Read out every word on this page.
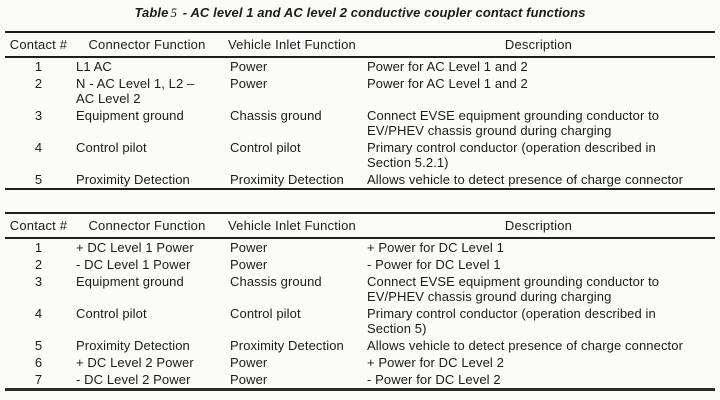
Table 5 - AC level 1 and AC level 2 conductive coupler contact functions
Contact #	Connector Function	Vehicle Inlet Function	Description
1	L1 AC	Power	Power for AC Level 1 and 2
2	N - AC Level 1, L2 –
AC Level 2	Power	Power for AC Level 1 and 2
3	Equipment ground	Chassis ground	Connect EVSE equipment grounding conductor to
EV/PHEV chassis ground during charging
4	Control pilot	Control pilot	Primary control conductor (operation described in
Section 5.2.1)
5	Proximity Detection	Proximity Detection	Allows vehicle to detect presence of charge connector
Contact #	Connector Function	Vehicle Inlet Function	Description
1	+ DC Level 1 Power	Power	+ Power for DC Level 1
2	- DC Level 1 Power	Power	- Power for DC Level 1
3	Equipment ground	Chassis ground	Connect EVSE equipment grounding conductor to
EV/PHEV chassis ground during charging
4	Control pilot	Control pilot	Primary control conductor (operation described in
Section 5)
5	Proximity Detection	Proximity Detection	Allows vehicle to detect presence of charge connector
6	+ DC Level 2 Power	Power	+ Power for DC Level 2
7	- DC Level 2 Power	Power	- Power for DC Level 2
